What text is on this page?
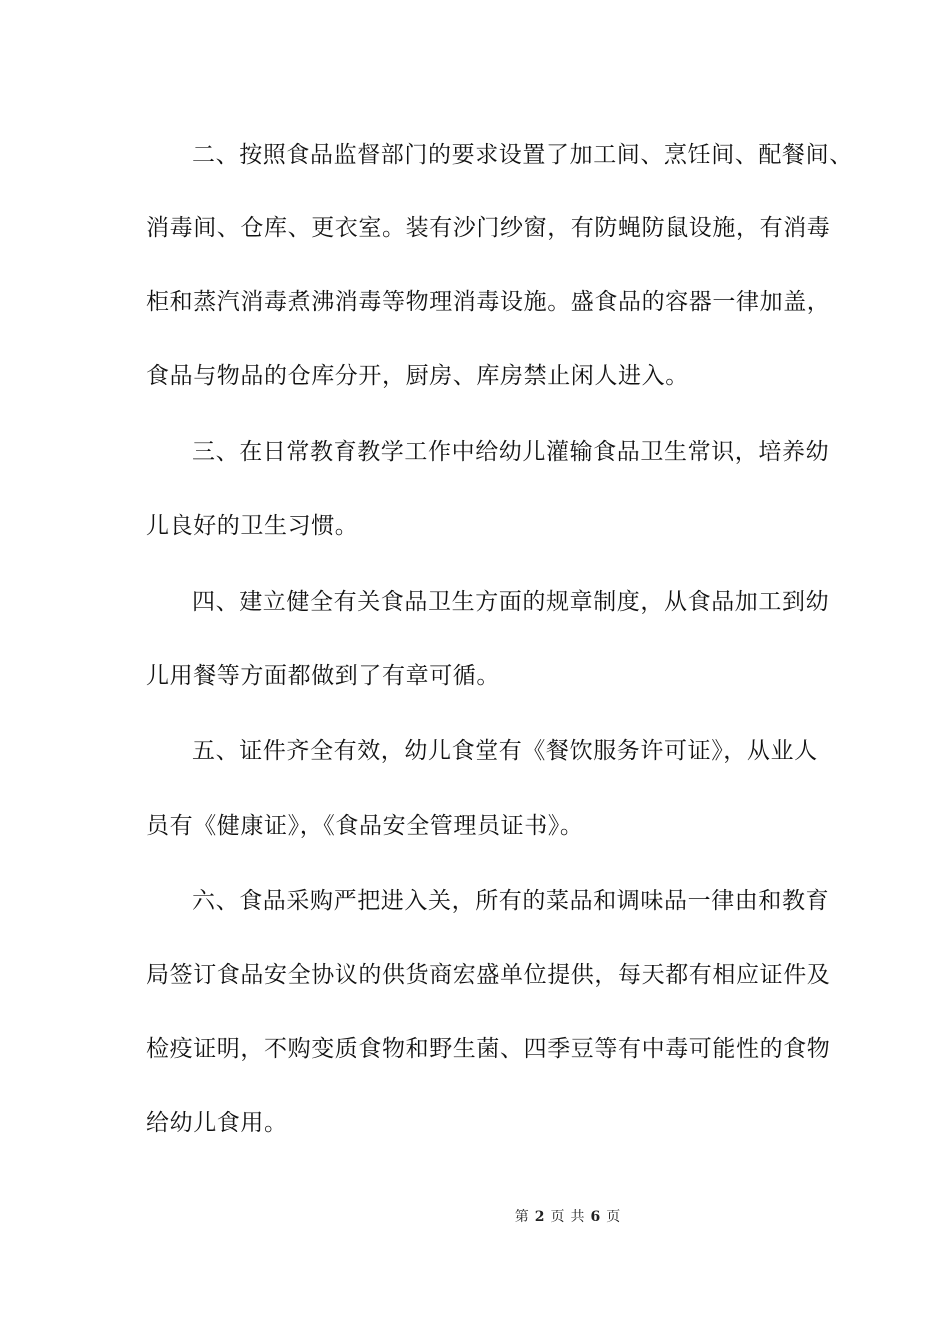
二、按照食品监督部门的要求设置了加工间、烹饪间、配餐间、
消毒间、仓库、更衣室。装有沙门纱窗，有防蝇防鼠设施，有消毒
柜和蒸汽消毒煮沸消毒等物理消毒设施。盛食品的容器一律加盖，
食品与物品的仓库分开，厨房、库房禁止闲人进入。
三、在日常教育教学工作中给幼儿灌输食品卫生常识，培养幼
儿良好的卫生习惯。
四、建立健全有关食品卫生方面的规章制度，从食品加工到幼
儿用餐等方面都做到了有章可循。
五、证件齐全有效，幼儿食堂有《餐饮服务许可证》，从业人
员有《健康证》，《食品安全管理员证书》。
六、食品采购严把进入关，所有的菜品和调味品一律由和教育
局签订食品安全协议的供货商宏盛单位提供，每天都有相应证件及
检疫证明，不购变质食物和野生菌、四季豆等有中毒可能性的食物
给幼儿食用。
第 2 页 共 6 页
